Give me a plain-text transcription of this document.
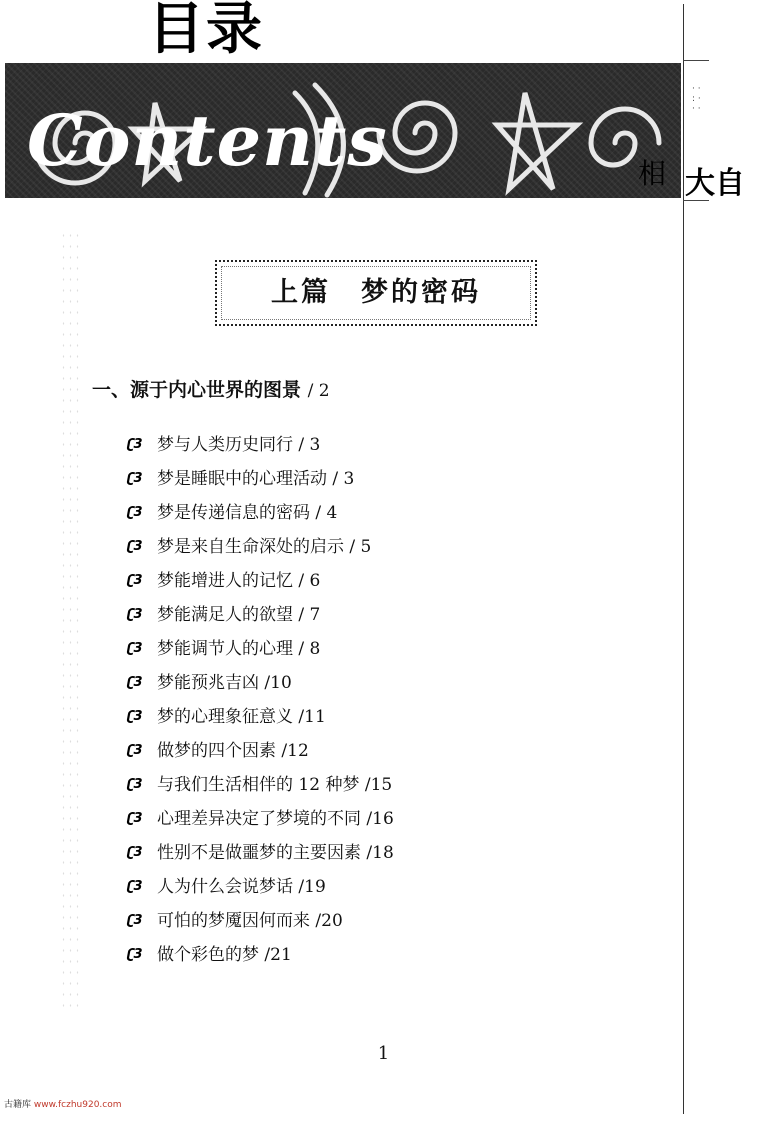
目录
Contents
· ·
: ·
· ·
相 大自
上篇　梦的密码
一、源于内心世界的图景 / 2
ʗ3 梦与人类历史同行
/ 3
ʗ3 梦是睡眠中的心理活动
/ 3
ʗ3 梦是传递信息的密码
/ 4
ʗ3 梦是来自生命深处的启示
/ 5
ʗ3 梦能增进人的记忆
/ 6
ʗ3 梦能满足人的欲望
/ 7
ʗ3 梦能调节人的心理
/ 8
ʗ3 梦能预兆吉凶
/10
ʗ3 梦的心理象征意义
/11
ʗ3 做梦的四个因素
/12
ʗ3 与我们生活相伴的 12 种梦
/15
ʗ3 心理差异决定了梦境的不同
/16
ʗ3 性别不是做噩梦的主要因素
/18
ʗ3 人为什么会说梦话
/19
ʗ3 可怕的梦魇因何而来
/20
ʗ3 做个彩色的梦
/21
1
古籍库 www.fczhu920.com
